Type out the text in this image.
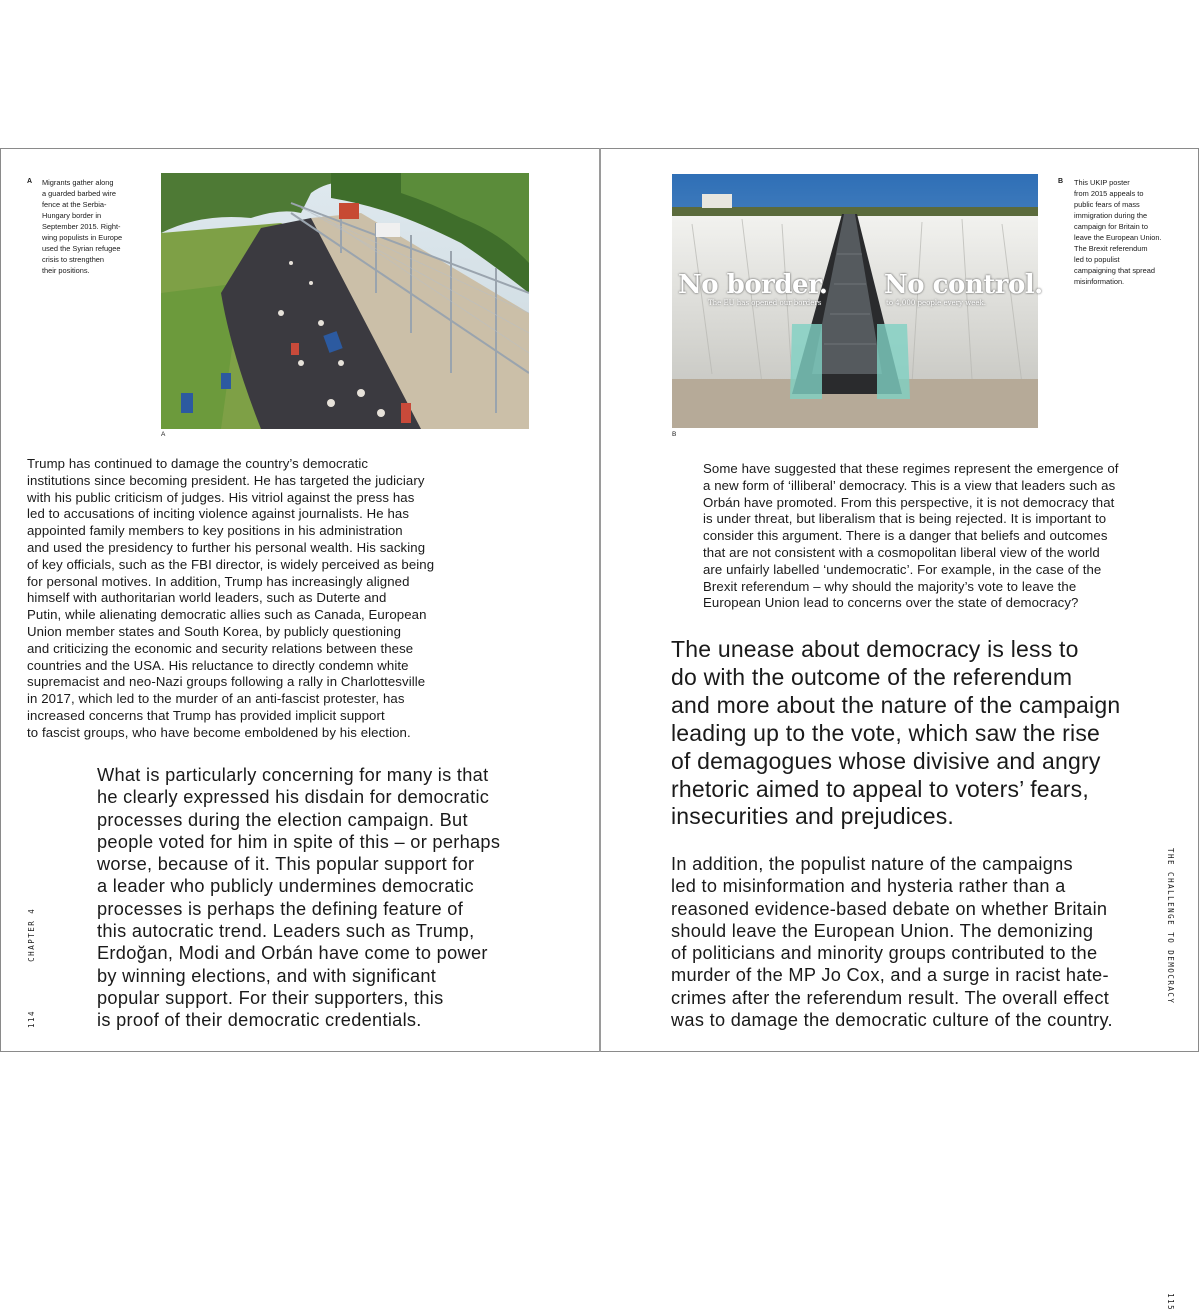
A Migrants gather along
a guarded barbed wire
fence at the Serbia-
Hungary border in
September 2015. Right-
wing populists in Europe
used the Syrian refugee
crisis to strengthen
their positions.
A
Trump has continued to damage the country’s democratic
institutions since becoming president. He has targeted the judiciary
with his public criticism of judges. His vitriol against the press has
led to accusations of inciting violence against journalists. He has
appointed family members to key positions in his administration
and used the presidency to further his personal wealth. His sacking
of key officials, such as the FBI director, is widely perceived as being
for personal motives. In addition, Trump has increasingly aligned
himself with authoritarian world leaders, such as Duterte and
Putin, while alienating democratic allies such as Canada, European
Union member states and South Korea, by publicly questioning
and criticizing the economic and security relations between these
countries and the USA. His reluctance to directly condemn white
supremacist and neo-Nazi groups following a rally in Charlottesville
in 2017, which led to the murder of an anti-fascist protester, has
increased concerns that Trump has provided implicit support
to fascist groups, who have become emboldened by his election.
What is particularly concerning for many is that
he clearly expressed his disdain for democratic
processes during the election campaign. But
people voted for him in spite of this – or perhaps
worse, because of it. This popular support for
a leader who publicly undermines democratic
processes is perhaps the defining feature of
this autocratic trend. Leaders such as Trump,
Erdoğan, Modi and Orbán have come to power
by winning elections, and with significant
popular support. For their supporters, this
is proof of their democratic credentials.
114        CHAPTER 4
No border.
The EU has opened our borders
No control.
to 4,000 people every week.
B
B This UKIP poster
from 2015 appeals to
public fears of mass
immigration during the
campaign for Britain to
leave the European Union.
The Brexit referendum
led to populist
campaigning that spread
misinformation.
Some have suggested that these regimes represent the emergence of
a new form of ‘illiberal’ democracy. This is a view that leaders such as
Orbán have promoted. From this perspective, it is not democracy that
is under threat, but liberalism that is being rejected. It is important to
consider this argument. There is a danger that beliefs and outcomes
that are not consistent with a cosmopolitan liberal view of the world
are unfairly labelled ‘undemocratic’. For example, in the case of the
Brexit referendum – why should the majority’s vote to leave the
European Union lead to concerns over the state of democracy?
The unease about democracy is less to
do with the outcome of the referendum
and more about the nature of the campaign
leading up to the vote, which saw the rise
of demagogues whose divisive and angry
rhetoric aimed to appeal to voters’ fears,
insecurities and prejudices.
In addition, the populist nature of the campaigns
led to misinformation and hysteria rather than a
reasoned evidence-based debate on whether Britain
should leave the European Union. The demonizing
of politicians and minority groups contributed to the
murder of the MP Jo Cox, and a surge in racist hate-
crimes after the referendum result. The overall effect
was to damage the democratic culture of the country.
THE CHALLENGE TO DEMOCRACY                                                115
